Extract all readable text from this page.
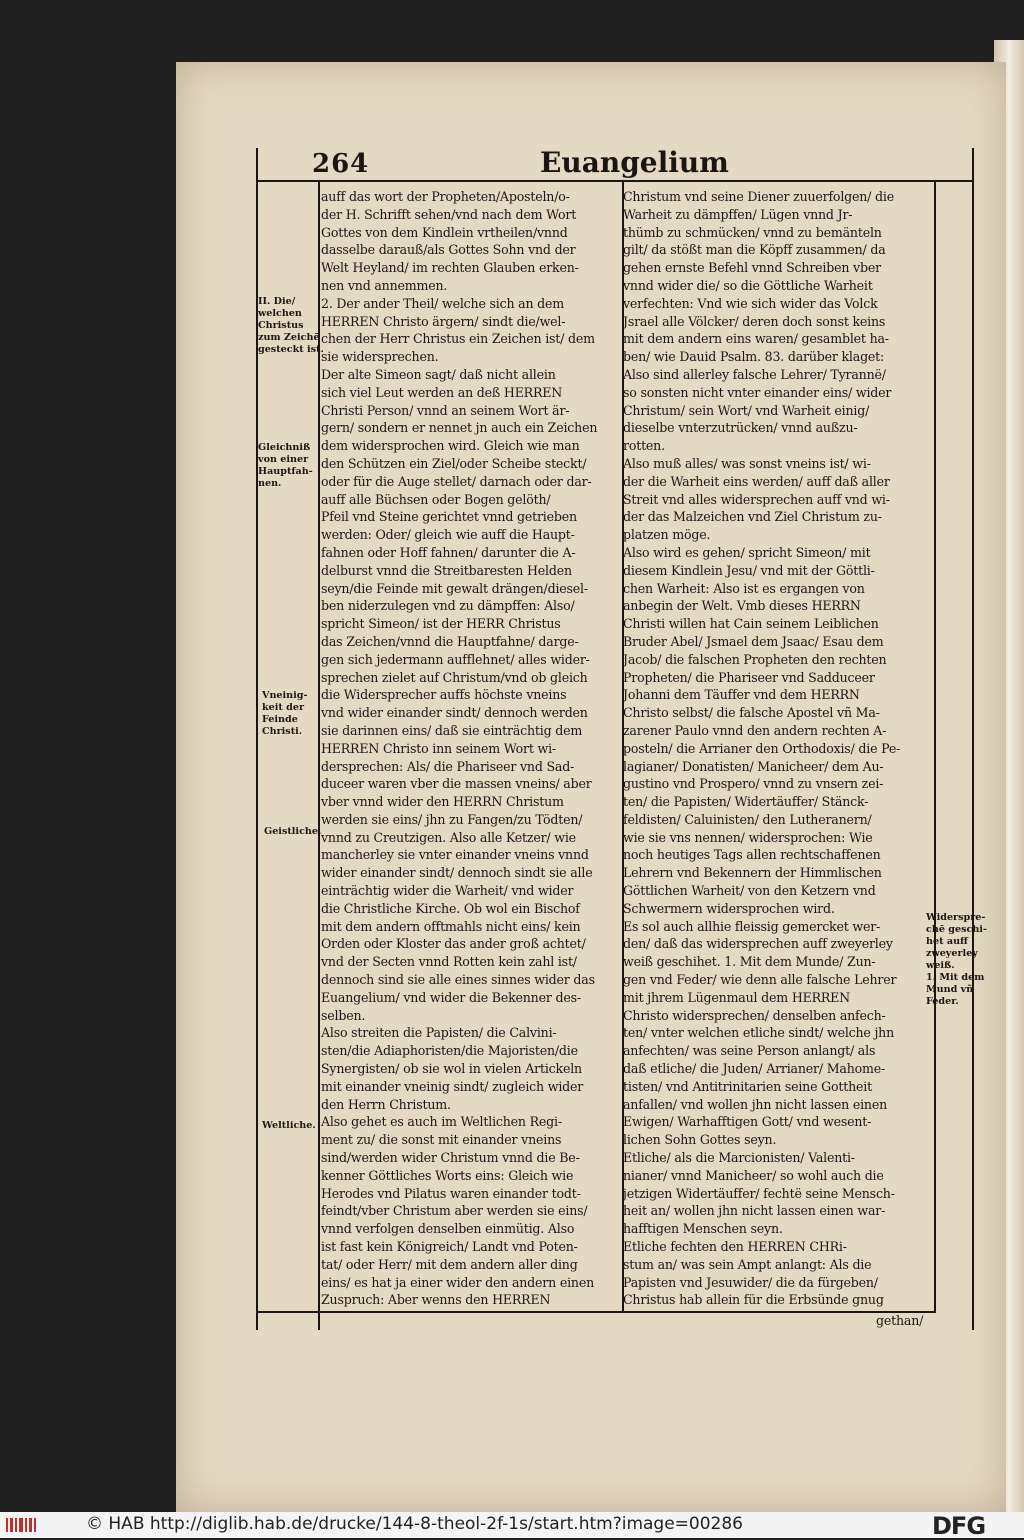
264	Euangelium
auff das wort der Propheten/Aposteln/o-
der H. Schrifft sehen/vnd nach dem Wort
Gottes von dem Kindlein vrtheilen/vnnd
dasselbe darauß/als Gottes Sohn vnd der
Welt Heyland/ im rechten Glauben erken-
nen vnd annemmen.
2. Der ander Theil/ welche sich an dem
HERREN Christo ärgern/ sindt die/wel-
chen der Herr Christus ein Zeichen ist/ dem
sie widersprechen.
Der alte Simeon sagt/ daß nicht allein
sich viel Leut werden an deß HERREN
Christi Person/ vnnd an seinem Wort är-
gern/ sondern er nennet jn auch ein Zeichen
dem widersprochen wird. Gleich wie man
den Schützen ein Ziel/oder Scheibe steckt/
oder für die Auge stellet/ darnach oder dar-
auff alle Büchsen oder Bogen gelöth/
Pfeil vnd Steine gerichtet vnnd getrieben
werden: Oder/ gleich wie auff die Haupt-
fahnen oder Hoff fahnen/ darunter die A-
delburst vnnd die Streitbaresten Helden
seyn/die Feinde mit gewalt drängen/diesel-
ben niderzulegen vnd zu dämpffen: Also/
spricht Simeon/ ist der HERR Christus
das Zeichen/vnnd die Hauptfahne/ darge-
gen sich jedermann aufflehnet/ alles wider-
sprechen zielet auf Christum/vnd ob gleich
die Widersprecher auffs höchste vneins
vnd wider einander sindt/ dennoch werden
sie darinnen eins/ daß sie einträchtig dem
HERREN Christo inn seinem Wort wi-
dersprechen: Als/ die Pharisеer vnd Sad-
ducеer waren vber die massen vneins/ aber
vber vnnd wider den HERRN Christum
werden sie eins/ jhn zu Fangen/zu Tödten/
vnnd zu Creutzigen. Also alle Ketzer/ wie
mancherley sie vnter einander vneins vnnd
wider einander sindt/ dennoch sindt sie alle
einträchtig wider die Warheit/ vnd wider
die Christliche Kirche. Ob wol ein Bischof
mit dem andern offtmahls nicht eins/ kein
Orden oder Kloster das ander groß achtet/
vnd der Secten vnnd Rotten kein zahl ist/
dennoch sind sie alle eines sinnes wider das
Euangelium/ vnd wider die Bekenner des-
selben.
Also streiten die Papisten/ die Calvini-
sten/die Adiaphoristen/die Majoristen/die
Synergisten/ ob sie wol in vielen Artickeln
mit einander vneinig sindt/ zugleich wider
den Herrn Christum.
Also gehet es auch im Weltlichen Regi-
ment zu/ die sonst mit einander vneins
sind/werden wider Christum vnnd die Be-
kenner Göttliches Worts eins: Gleich wie
Herodes vnd Pilatus waren einander todt-
feindt/vber Christum aber werden sie eins/
vnnd verfolgen denselben einmütig. Also
ist fast kein Königreich/ Landt vnd Poten-
tat/ oder Herr/ mit dem andern aller ding
eins/ es hat ja einer wider den andern einen
Zuspruch: Aber wenns den HERREN
Christum vnd seine Diener zuuerfolgen/ die
Warheit zu dämpffen/ Lügen vnnd Jr-
thümb zu schmücken/ vnnd zu bemänteln
gilt/ da stößt man die Köpff zusammen/ da
gehen ernste Befehl vnnd Schreiben vber
vnnd wider die/ so die Göttliche Warheit
verfechten: Vnd wie sich wider das Volck
Jsrael alle Völcker/ deren doch sonst keins
mit dem andern eins waren/ gesamblet ha-
ben/ wie Dauid Psalm. 83. darüber klaget:
Also sind allerley falsche Lehrer/ Tyrannё/
so sonsten nicht vnter einander eins/ wider
Christum/ sein Wort/ vnd Warheit einig/
dieselbe vnterzutrücken/ vnnd außzu-
rotten.
Also muß alles/ was sonst vneins ist/ wi-
der die Warheit eins werden/ auff daß aller
Streit vnd alles widersprechen auff vnd wi-
der das Malzeichen vnd Ziel Christum zu-
platzen möge.
Also wird es gehen/ spricht Simeon/ mit
diesem Kindlein Jesu/ vnd mit der Göttli-
chen Warheit: Also ist es ergangen von
anbegin der Welt. Vmb dieses HERRN
Christi willen hat Cain seinem Leiblichen
Bruder Abel/ Jsmael dem Jsaac/ Esau dem
Jacob/ die falschen Propheten den rechten
Propheten/ die Pharisеer vnd Sadducеer
Johanni dem Täuffer vnd dem HERRN
Christo selbst/ die falsche Apostel vñ Ma-
zarener Paulo vnnd den andern rechten A-
posteln/ die Arrianer den Orthodoxis/ die Pe-
lagianer/ Donatisten/ Manicheer/ dem Au-
gustino vnd Prospero/ vnnd zu vnsern zei-
ten/ die Papisten/ Widertäuffer/ Stänck-
feldisten/ Caluinisten/ den Lutheranern/
wie sie vns nennen/ widersprochen: Wie
noch heutiges Tags allen rechtschaffenen
Lehrern vnd Bekennern der Himmlischen
Göttlichen Warheit/ von den Ketzern vnd
Schwermern widersprochen wird.
Es sol auch allhie fleissig gemercket wer-
den/ daß das widersprechen auff zweyerley
weiß geschihet. 1. Mit dem Munde/ Zun-
gen vnd Feder/ wie denn alle falsche Lehrer
mit jhrem Lügenmaul dem HERREN
Christo widersprechen/ denselben anfech-
ten/ vnter welchen etliche sindt/ welche jhn
anfechten/ was seine Person anlangt/ als
daß etliche/ die Juden/ Arrianer/ Mahome-
tisten/ vnd Antitrinitarien seine Gottheit
anfallen/ vnd wollen jhn nicht lassen einen
Ewigen/ Warhafftigen Gott/ vnd wesent-
lichen Sohn Gottes seyn.
Etliche/ als die Marcionisten/ Valenti-
nianer/ vnnd Manicheer/ so wohl auch die
jetzigen Widertäuffer/ fechtё seine Mensch-
heit an/ wollen jhn nicht lassen einen war-
hafftigen Menschen seyn.
Etliche fechten den HERREN CHRi-
stum an/ was sein Ampt anlangt: Als die
Papisten vnd Jesuwider/ die da fürgeben/
Christus hab allein für die Erbsünde gnug
gethan/
II. Die/
welchen
Christus
zum Zeichē
gesteckt ist.
Gleichniß
von einer
Hauptfah-
nen.
Vneinig-
keit der
Feinde
Christi.
Geistliche.
Weltliche.
Widerspre-
chē geschi-
het auff
zweyerley
weiß.
1. Mit dem
Mund vñ
Feder.
© HAB http://diglib.hab.de/drucke/144-8-theol-2f-1s/start.htm?image=00286	DFG
